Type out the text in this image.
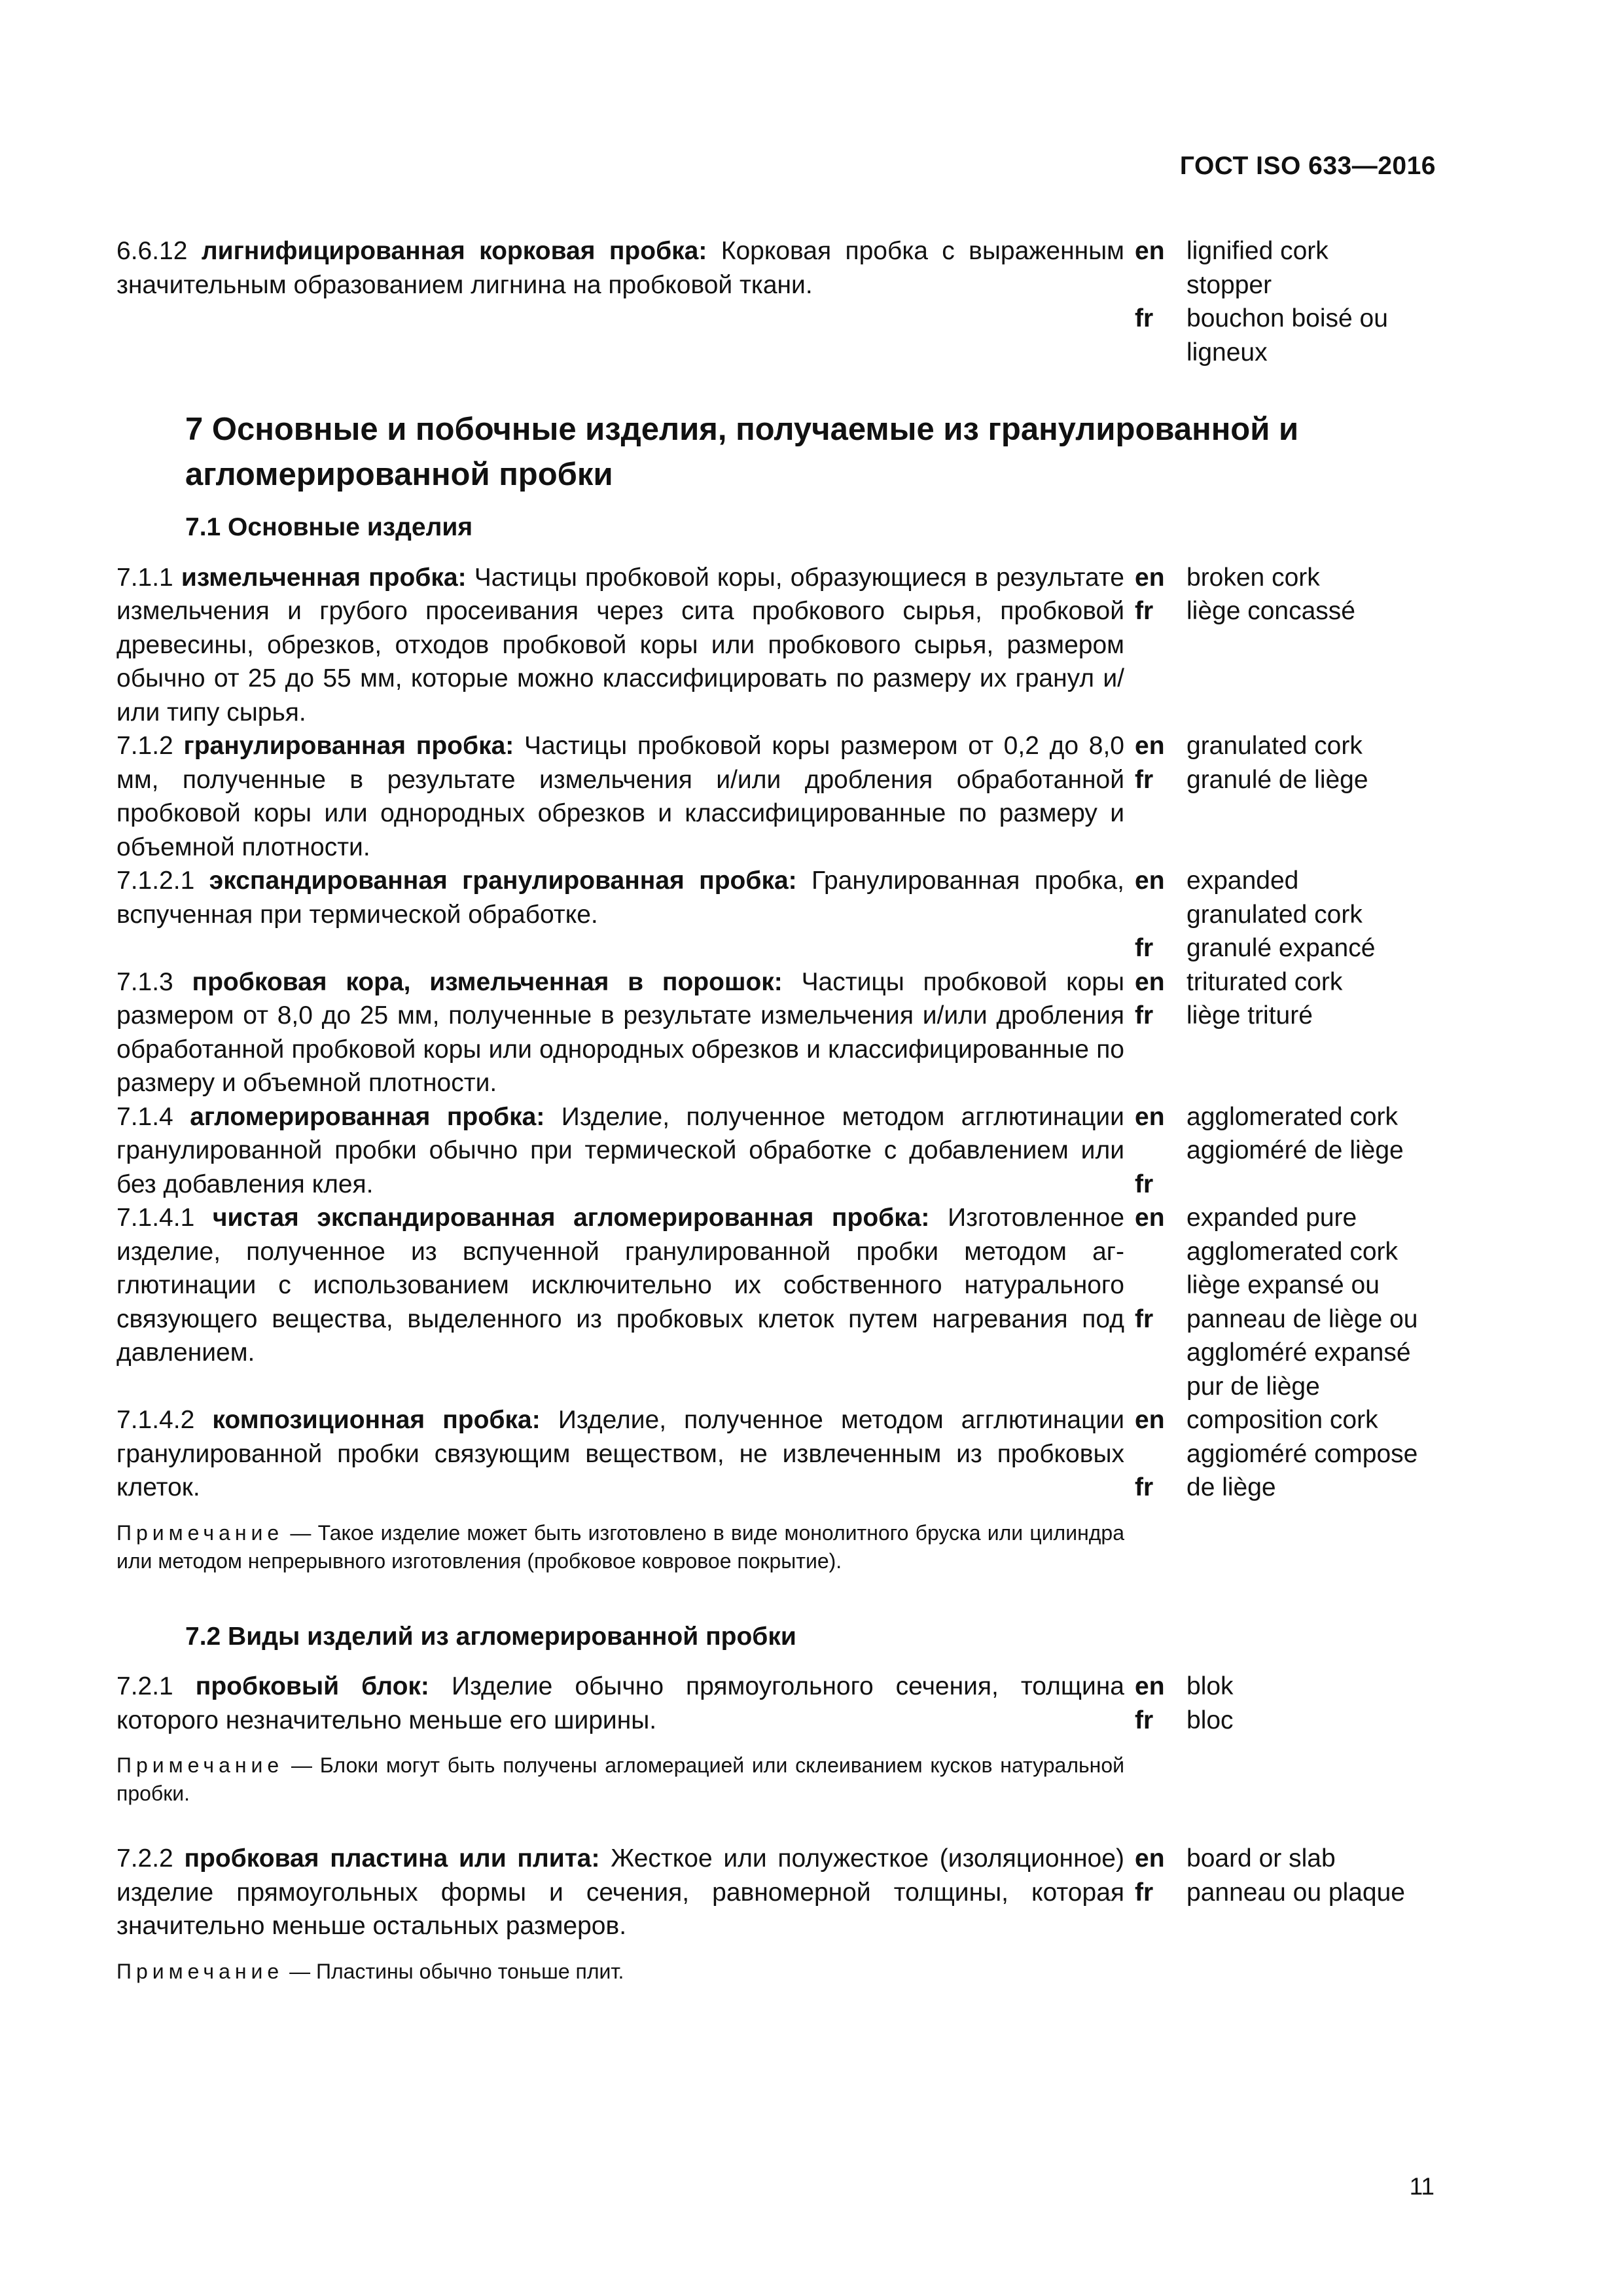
ГОСТ ISO 633—2016
6.6.12 лигнифицированная корковая пробка: Корковая пробка с выраженным значительным образованием лигнина на пробковой ткани.
en
fr
lignified cork stopper
bouchon boisé ou ligneux
7 Основные и побочные изделия, получаемые из гранулированной и агломерированной пробки
7.1 Основные изделия
7.1.1 измельченная пробка: Частицы пробковой коры, образующиеся в результате измельчения и грубого просеивания через сита пробкового сырья, пробковой древесины, обрезков, отходов пробковой коры или пробкового сырья, размером обычно от 25 до 55 мм, которые можно классифицировать по размеру их гранул и/или типу сырья.
en
fr
broken cork
liège concassé
7.1.2 гранулированная пробка: Частицы пробковой коры размером от 0,2 до 8,0 мм, полученные в результате измельчения и/или дробления обработанной пробковой коры или однородных обрезков и классифицированные по размеру и объемной плотности.
en
fr
granulated cork
granulé de liège
7.1.2.1 экспандированная гранулированная пробка: Гранулированная пробка, вспученная при термической обработке.
en
fr
expanded granulated cork
granulé expancé
7.1.3 пробковая кора, измельченная в порошок: Частицы пробковой коры размером от 8,0 до 25 мм, полученные в результате измельчения и/или дробления обработанной пробковой коры или однородных обрезков и классифицированные по размеру и объемной плотности.
en
fr
triturated cork
liège trituré
7.1.4 агломерированная пробка: Изделие, полученное методом агглютинации гранулированной пробки обычно при термической обработке с добавлением или без добавления клея.
en
fr
agglomerated cork
aggioméré de liège
7.1.4.1 чистая экспандированная агломерированная пробка: Изготовленное изделие, полученное из вспученной гранулированной пробки методом агглютинации с использованием исключительно их собственного натурального связующего вещества, выделенного из пробковых клеток путем нагревания под давлением.
en
fr
expanded pure agglomerated cork
liège expansé ou panneau de liège ou aggloméré expansé pur de liège
7.1.4.2 композиционная пробка: Изделие, полученное методом агглютинации гранулированной пробки связующим веществом, не извлеченным из пробковых клеток.
Примечание — Такое изделие может быть изготовлено в виде монолитного бруска или цилиндра или методом непрерывного изготовления (пробковое ковровое покрытие).
en
fr
composition cork
aggioméré compose de liège
7.2 Виды изделий из агломерированной пробки
7.2.1 пробковый блок: Изделие обычно прямоугольного сечения, толщина которого незначительно меньше его ширины.
Примечание — Блоки могут быть получены агломерацией или склеиванием кусков натуральной пробки.
en
fr
blok
bloc
7.2.2 пробковая пластина или плита: Жесткое или полужесткое (изоляционное) изделие прямоугольных формы и сечения, равномерной толщины, которая значительно меньше остальных размеров.
Примечание — Пластины обычно тоньше плит.
en
fr
board or slab
panneau ou plaque
11
